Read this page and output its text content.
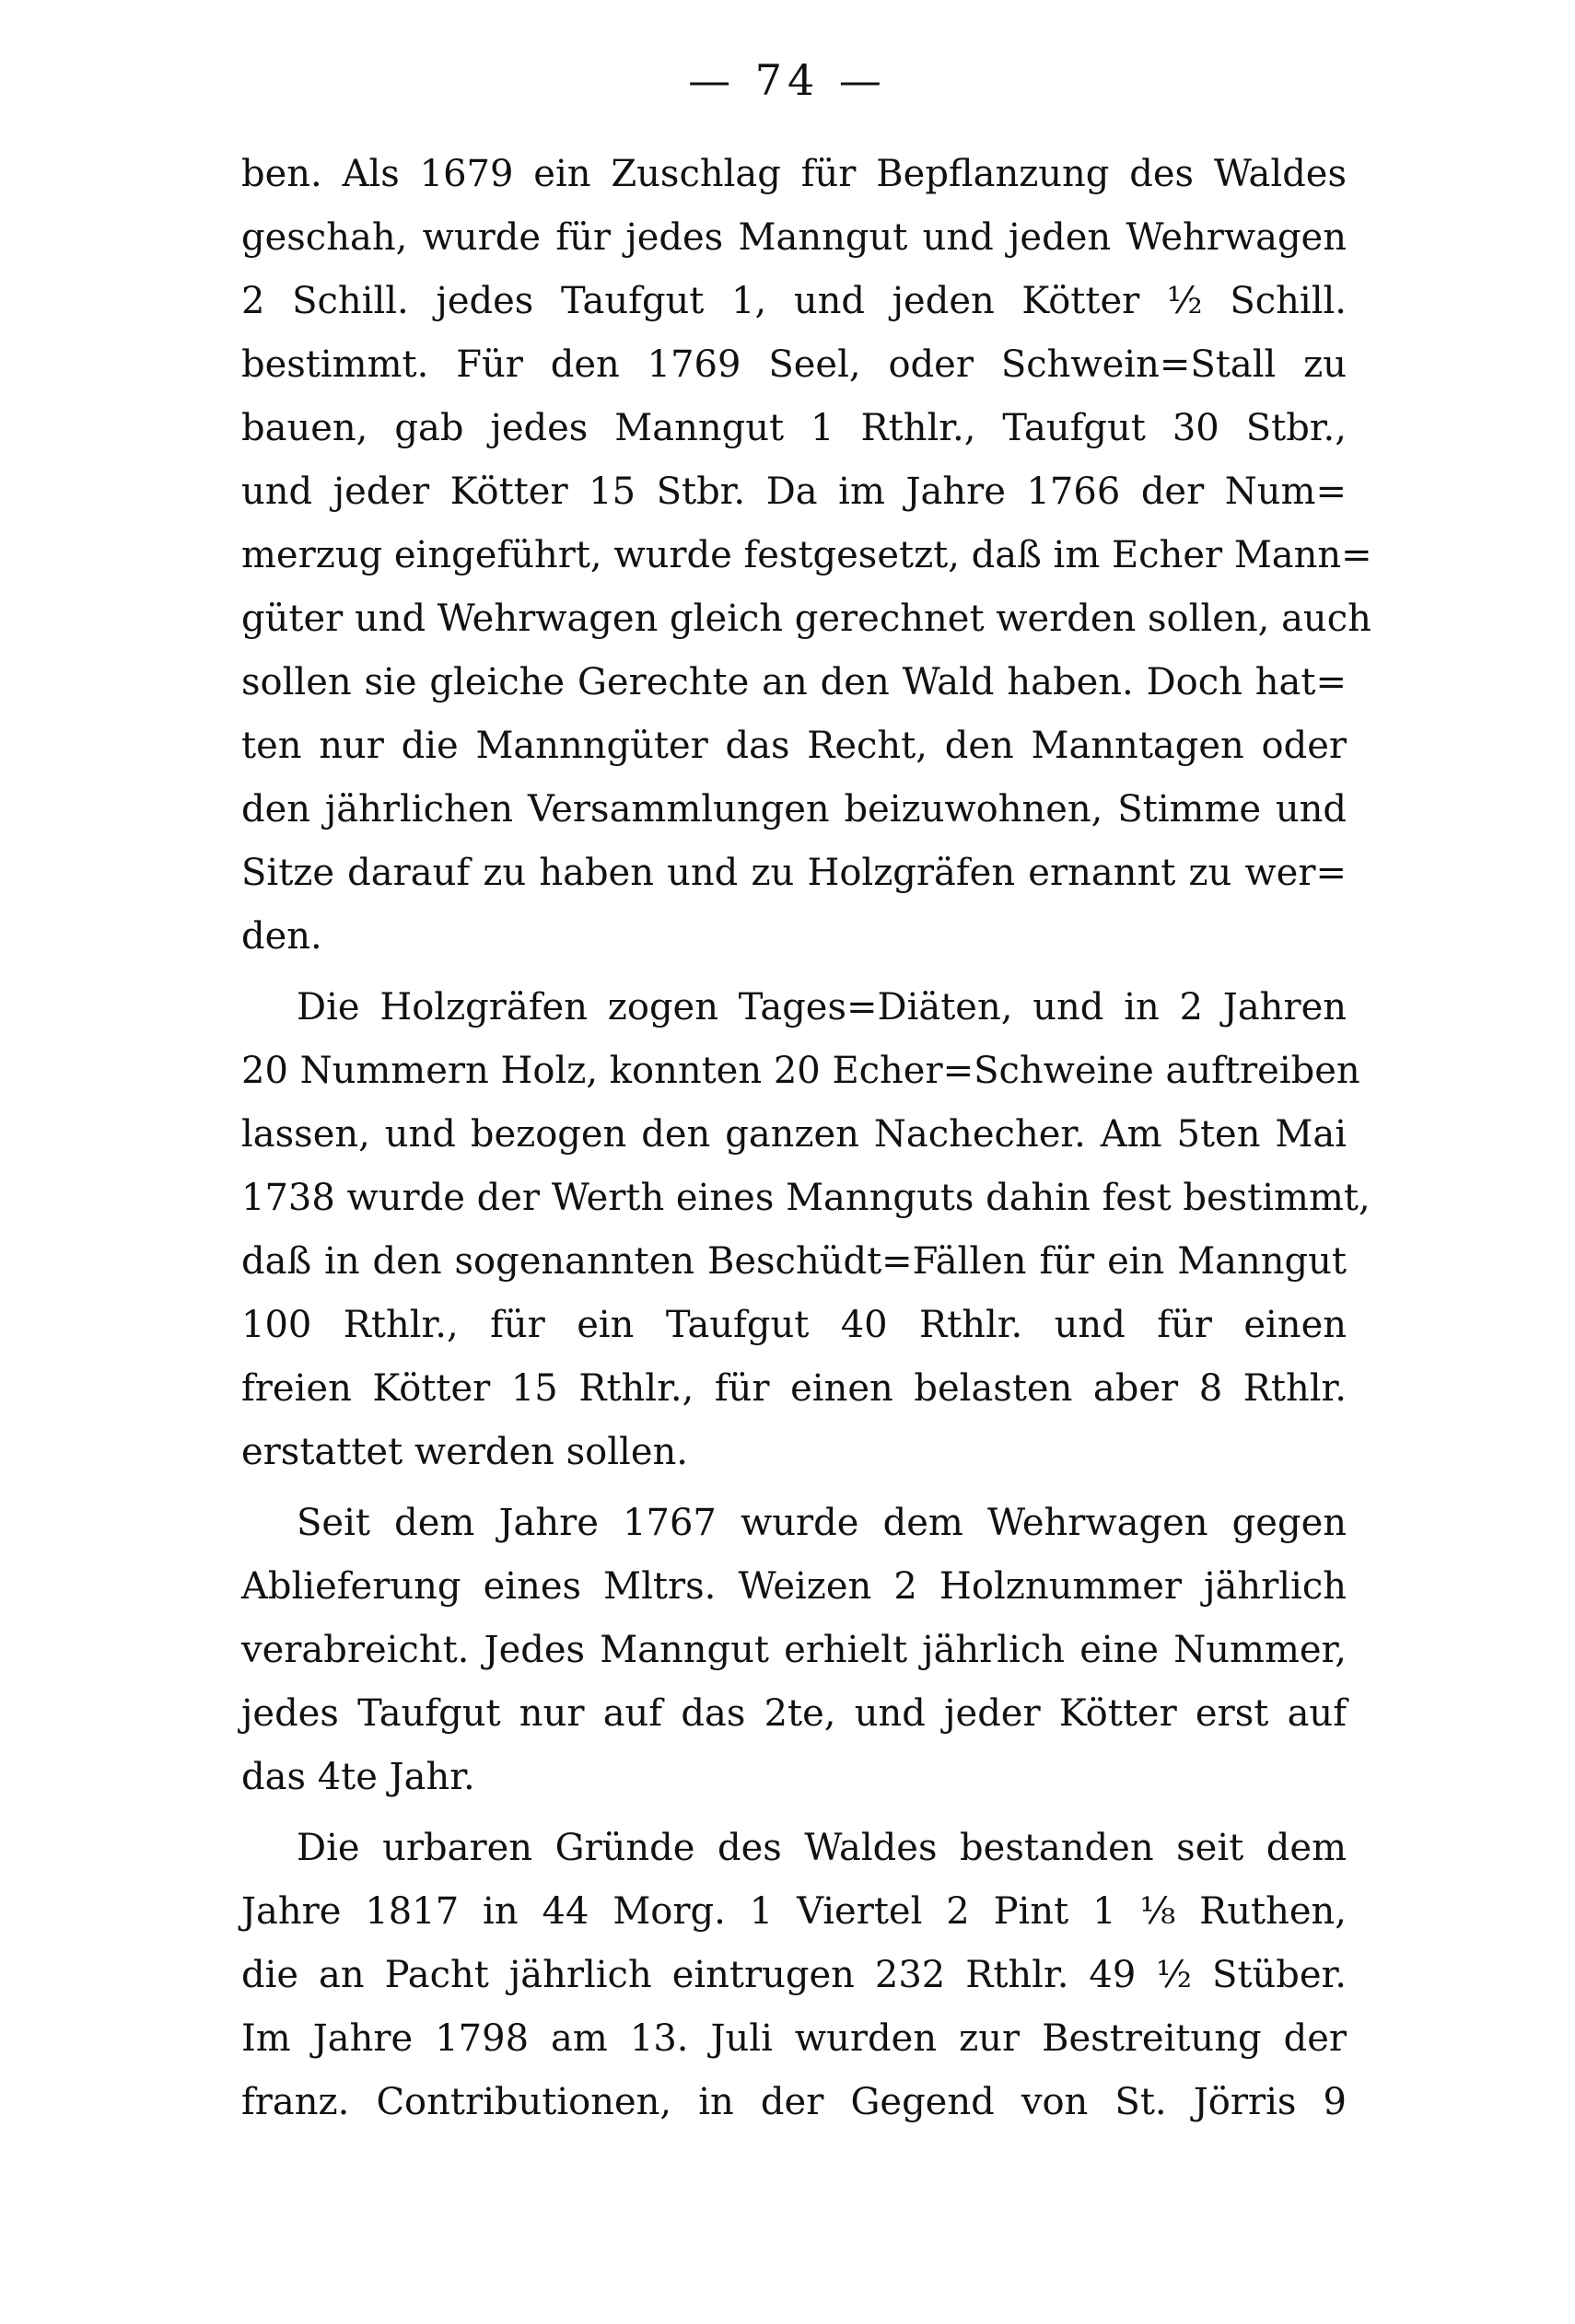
— 74 —
ben. Als 1679 ein Zuschlag für Bepflanzung des Waldes
geschah, wurde für jedes Manngut und jeden Wehrwagen
2 Schill. jedes Taufgut 1, und jeden Kötter ½ Schill.
bestimmt. Für den 1769 Seel, oder Schwein=Stall zu
bauen, gab jedes Manngut 1 Rthlr., Taufgut 30 Stbr.,
und jeder Kötter 15 Stbr. Da im Jahre 1766 der Num=
merzug eingeführt, wurde festgesetzt, daß im Echer Mann=
güter und Wehrwagen gleich gerechnet werden sollen, auch
sollen sie gleiche Gerechte an den Wald haben. Doch hat=
ten nur die Mannngüter das Recht, den Manntagen oder
den jährlichen Versammlungen beizuwohnen, Stimme und
Sitze darauf zu haben und zu Holzgräfen ernannt zu wer=
den.
Die Holzgräfen zogen Tages=Diäten, und in 2 Jahren
20 Nummern Holz, konnten 20 Echer=Schweine auftreiben
lassen, und bezogen den ganzen Nachecher. Am 5ten Mai
1738 wurde der Werth eines Mannguts dahin fest bestimmt,
daß in den sogenannten Beschüdt=Fällen für ein Manngut
100 Rthlr., für ein Taufgut 40 Rthlr. und für einen
freien Kötter 15 Rthlr., für einen belasten aber 8 Rthlr.
erstattet werden sollen.
Seit dem Jahre 1767 wurde dem Wehrwagen gegen
Ablieferung eines Mltrs. Weizen 2 Holznummer jährlich
verabreicht. Jedes Manngut erhielt jährlich eine Nummer,
jedes Taufgut nur auf das 2te, und jeder Kötter erst auf
das 4te Jahr.
Die urbaren Gründe des Waldes bestanden seit dem
Jahre 1817 in 44 Morg. 1 Viertel 2 Pint 1 ⅛ Ruthen,
die an Pacht jährlich eintrugen 232 Rthlr. 49 ½ Stüber.
Im Jahre 1798 am 13. Juli wurden zur Bestreitung der
franz. Contributionen, in der Gegend von St. Jörris 9
